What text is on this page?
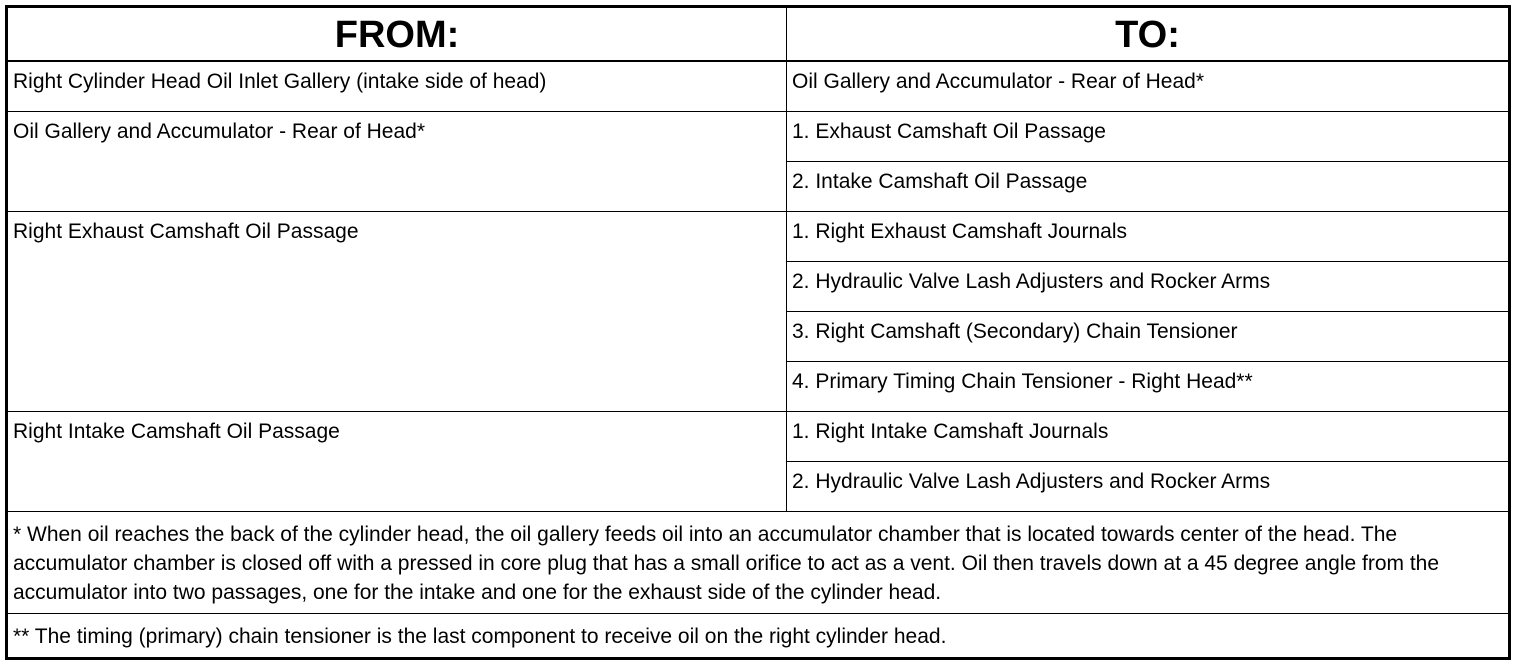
FROM:	TO:
Right Cylinder Head Oil Inlet Gallery (intake side of head)	Oil Gallery and Accumulator - Rear of Head*
Oil Gallery and Accumulator - Rear of Head*	1. Exhaust Camshaft Oil Passage
	2. Intake Camshaft Oil Passage
Right Exhaust Camshaft Oil Passage	1. Right Exhaust Camshaft Journals
	2. Hydraulic Valve Lash Adjusters and Rocker Arms
	3. Right Camshaft (Secondary) Chain Tensioner
	4. Primary Timing Chain Tensioner - Right Head**
Right Intake Camshaft Oil Passage	1. Right Intake Camshaft Journals
	2. Hydraulic Valve Lash Adjusters and Rocker Arms
* When oil reaches the back of the cylinder head, the oil gallery feeds oil into an accumulator chamber that is located towards center of the head. The accumulator chamber is closed off with a pressed in core plug that has a small orifice to act as a vent. Oil then travels down at a 45 degree angle from the accumulator into two passages, one for the intake and one for the exhaust side of the cylinder head.	
** The timing (primary) chain tensioner is the last component to receive oil on the right cylinder head.	
